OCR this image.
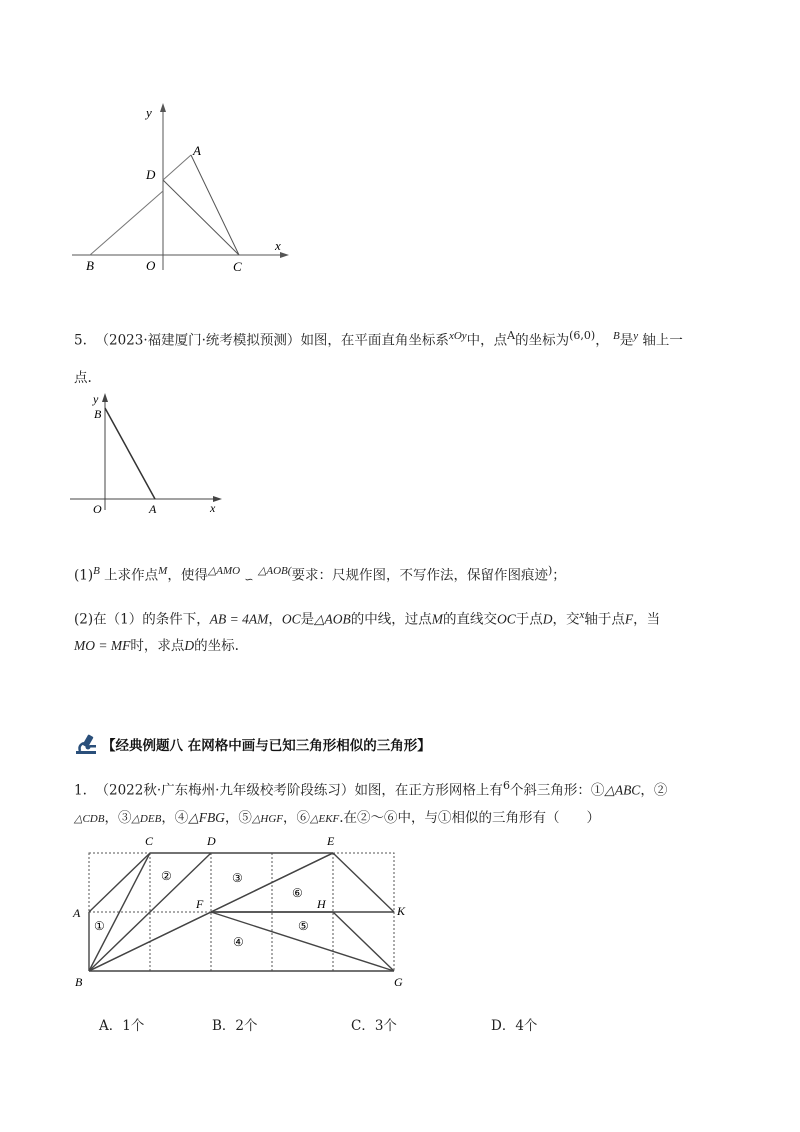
y
x
A
D
B	O	C
5. （2023·福建厦门·统考模拟预测）如图，在平面直角坐标系$^{xOy}$中，点$^A$的坐标为$^{(6,0)}$， $^B$是$^y$ 轴上一
点.
y
B
x
O	A
$(1)^B$ 上求作点$^M$，使得$^{\triangle AMO}$ $_∽$ $^{\triangle AOB(}$要求：尺规作图，不写作法，保留作图痕迹)；
(2)在（1）的条件下，AB = 4AM，OC是△AOB的中线，过点M的直线交OC于点D，交$^x$轴于点F，当
MO = MF时，求点D的坐标.
【经典例题八 在网格中画与已知三角形相似的三角形】
1. （2022秋·广东梅州·九年级校考阶段练习）如图，在正方形网格上有$^6$个斜三角形：①△ABC，②
△CDB，③△DEB，④△FBG，⑤△HGF，⑥△EKF.在②～⑥中，与①相似的三角形有（　　）
C	D	E
A
F	H	K
B	G
①
②	③
⑥
④
⑤
A．1个	B．2个	C．3个	D．4个
